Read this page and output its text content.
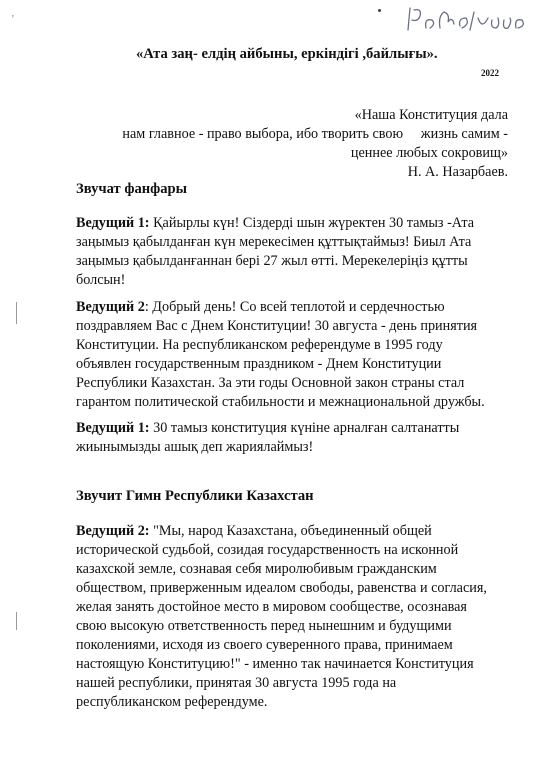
'
«Ата заң- елдің айбыны, еркіндігі ,байлығы».
2022
«Наша Конституция дала
нам главное - право выбора, ибо творить свою     жизнь самим -
ценнее любых сокровищ»
Н. А. Назарбаев.
Звучат фанфары
Ведущий 1: Қайырлы күн! Сіздерді шын жүректен 30 тамыз -Ата
заңымыз қабылданған күн мерекесімен құттықтаймыз! Биыл Ата
заңымыз қабылданғаннан бері 27 жыл өтті. Мерекелеріңіз құтты
болсын!
Ведущий 2: Добрый день! Со всей теплотой и сердечностью
поздравляем Вас с Днем Конституции! 30 августа - день принятия
Конституции. На республиканском референдуме в 1995 году
объявлен государственным праздником - Днем Конституции
Республики Казахстан. За эти годы Основной закон страны стал
гарантом политической стабильности и межнациональной дружбы.
Ведущий 1: 30 тамыз конституция күніне арналған салтанатты
жиынымызды ашық деп жариялаймыз!
Звучит Гимн Республики Казахстан
Ведущий 2: "Мы, народ Казахстана, объединенный общей
исторической судьбой, созидая государственность на исконной
казахской земле, сознавая себя миролюбивым гражданским
обществом, приверженным идеалом свободы, равенства и согласия,
желая занять достойное место в мировом сообществе, осознавая
свою высокую ответственность перед нынешним и будущими
поколениями, исходя из своего суверенного права, принимаем
настоящую Конституцию!" - именно так начинается Конституция
нашей республики, принятая 30 августа 1995 года на
республиканском референдуме.
